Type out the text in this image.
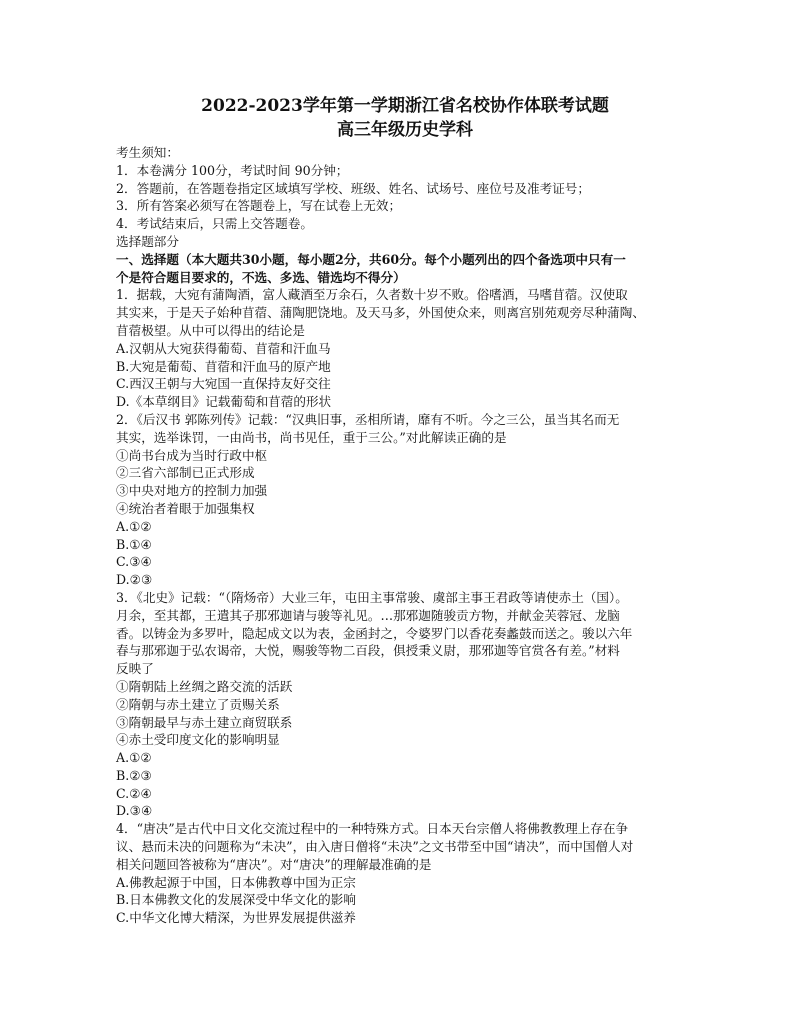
2022-2023学年第一学期浙江省名校协作体联考试题
高三年级历史学科
考生须知：
1．本卷满分 100分，考试时间 90分钟；
2．答题前，在答题卷指定区域填写学校、班级、姓名、试场号、座位号及准考证号；
3．所有答案必须写在答题卷上，写在试卷上无效；
4．考试结束后，只需上交答题卷。
选择题部分
一、选择题（本大题共30小题，每小题2分，共60分。每个小题列出的四个备选项中只有一
个是符合题目要求的，不选、多选、错选均不得分）
1．据载，大宛有蒲陶酒，富人藏酒至万余石，久者数十岁不败。俗嗜酒，马嗜苜蓿。汉使取
其实来，于是天子始种苜蓿、蒲陶肥饶地。及天马多，外国使众来，则离宫别苑观旁尽种蒲陶、
苜蓿极望。从中可以得出的结论是
A.汉朝从大宛获得葡萄、苜蓿和汗血马
B.大宛是葡萄、苜蓿和汗血马的原产地
C.西汉王朝与大宛国一直保持友好交往
D.《本草纲目》记载葡萄和苜蓿的形状
2．《后汉书 郭陈列传》记载：“汉典旧事，丞相所请，靡有不听。今之三公，虽当其名而无
其实，选举诛罚，一由尚书，尚书见任，重于三公。”对此解读正确的是
①尚书台成为当时行政中枢
②三省六部制已正式形成
③中央对地方的控制力加强
④统治者着眼于加强集权
A.①②
B.①④
C.③④
D.②③
3．《北史》记载：“（隋炀帝）大业三年，屯田主事常骏、虞部主事王君政等请使赤土（国）。
月余，至其都，王遣其子那邪迦请与骏等礼见。…那邪迦随骏贡方物，并献金芙蓉冠、龙脑
香。以铸金为多罗叶，隐起成文以为表，金函封之，令婆罗门以香花奏蠡鼓而送之。骏以六年
春与那邪迦于弘农谒帝，大悦，赐骏等物二百段，俱授秉义尉，那邪迦等官赏各有差。”材料
反映了
①隋朝陆上丝绸之路交流的活跃
②隋朝与赤土建立了贡赐关系
③隋朝最早与赤土建立商贸联系
④赤土受印度文化的影响明显
A.①②
B.②③
C.②④
D.③④
4．“唐决”是古代中日文化交流过程中的一种特殊方式。日本天台宗僧人将佛教教理上存在争
议、悬而未决的问题称为“未决”，由入唐日僧将“未决”之文书带至中国“请决”，而中国僧人对
相关问题回答被称为“唐决”。对“唐决”的理解最准确的是
A.佛教起源于中国，日本佛教尊中国为正宗
B.日本佛教文化的发展深受中华文化的影响
C.中华文化博大精深，为世界发展提供滋养
